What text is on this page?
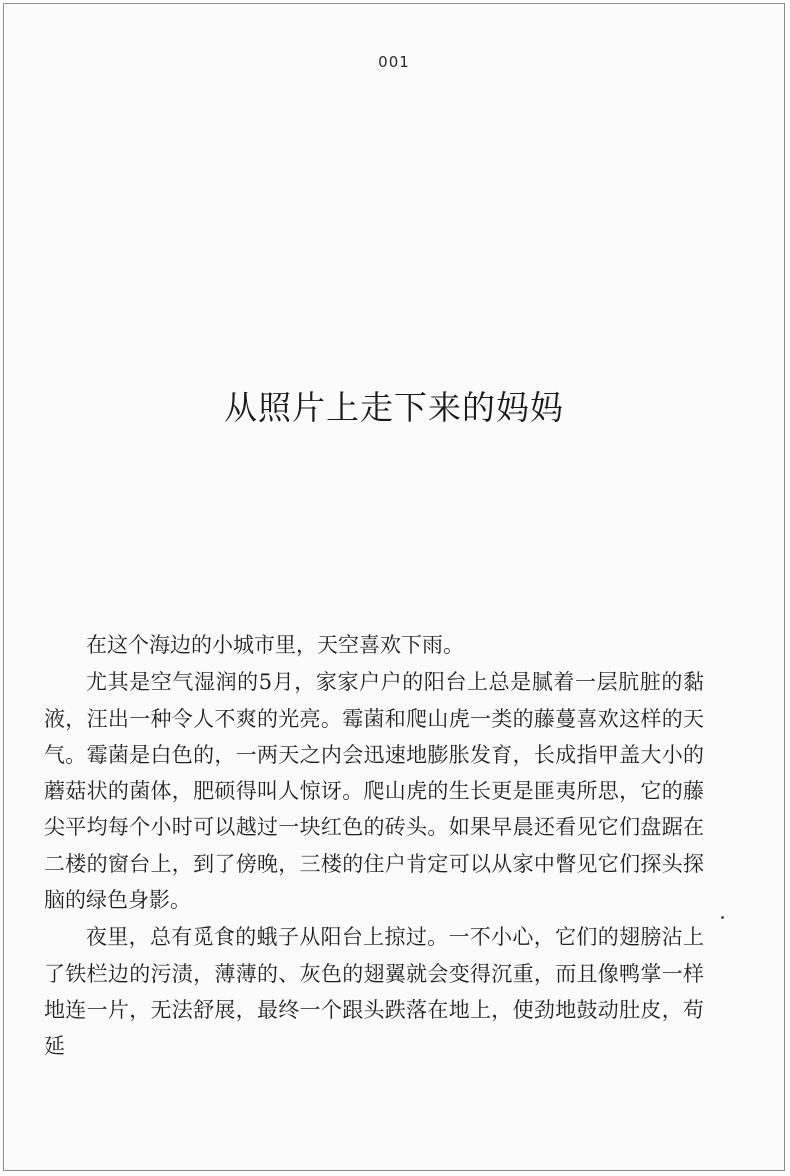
001
从照片上走下来的妈妈

在这个海边的小城市里，天空喜欢下雨。

尤其是空气湿润的5月，家家户户的阳台上总是腻着一层肮脏的黏液，汪出一种令人不爽的光亮。霉菌和爬山虎一类的藤蔓喜欢这样的天气。霉菌是白色的，一两天之内会迅速地膨胀发育，长成指甲盖大小的蘑菇状的菌体，肥硕得叫人惊讶。爬山虎的生长更是匪夷所思，它的藤尖平均每个小时可以越过一块红色的砖头。如果早晨还看见它们盘踞在二楼的窗台上，到了傍晚，三楼的住户肯定可以从家中瞥见它们探头探脑的绿色身影。

夜里，总有觅食的蛾子从阳台上掠过。一不小心，它们的翅膀沾上了铁栏边的污渍，薄薄的、灰色的翅翼就会变得沉重，而且像鸭掌一样地连一片，无法舒展，最终一个跟头跌落在地上，使劲地鼓动肚皮，苟延
